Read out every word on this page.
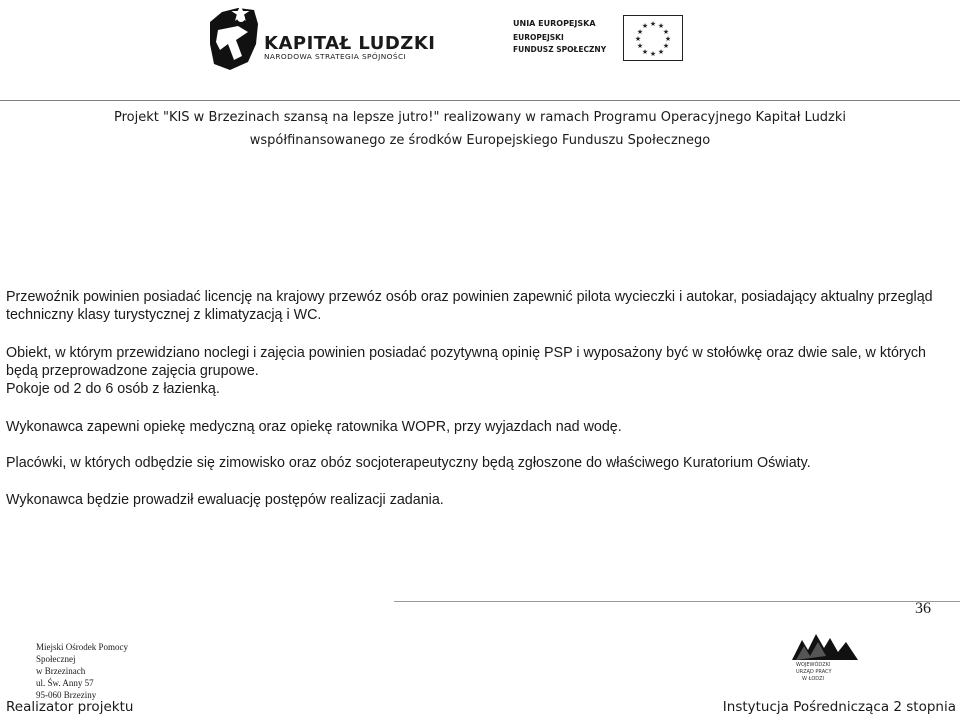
KAPITAŁ LUDZKI
NARODOWA STRATEGIA SPÓJNOŚCI
UNIA EUROPEJSKA
EUROPEJSKI
FUNDUSZ SPOŁECZNY
★ ★
★
★
★
★
★
★
★
★
★
★
Projekt "KIS w Brzezinach szansą na lepsze jutro!" realizowany w ramach Programu Operacyjnego Kapitał Ludzki
współfinansowanego ze środków Europejskiego Funduszu Społecznego
Przewoźnik powinien posiadać licencję na krajowy przewóz osób oraz powinien zapewnić pilota wycieczki i autokar, posiadający aktualny przegląd techniczny klasy turystycznej z klimatyzacją i WC.
Obiekt, w którym przewidziano noclegi i zajęcia powinien posiadać pozytywną opinię PSP i wyposażony być w stołówkę oraz dwie sale, w których będą przeprowadzone zajęcia grupowe.
Pokoje od 2 do 6 osób z łazienką.
Wykonawca zapewni opiekę medyczną oraz opiekę ratownika WOPR, przy wyjazdach nad wodę.
Placówki, w których odbędzie się zimowisko oraz obóz socjoterapeutyczny będą zgłoszone do właściwego Kuratorium Oświaty.
Wykonawca będzie prowadził ewaluację postępów realizacji zadania.
36
Miejski Ośrodek Pomocy
Społecznej
w Brzezinach
ul. Św. Anny 57
95-060 Brzeziny
WOJEWÓDZKI
URZĄD PRACY
W ŁODZI
Realizator projektu	Instytucja Pośrednicząca 2 stopnia
